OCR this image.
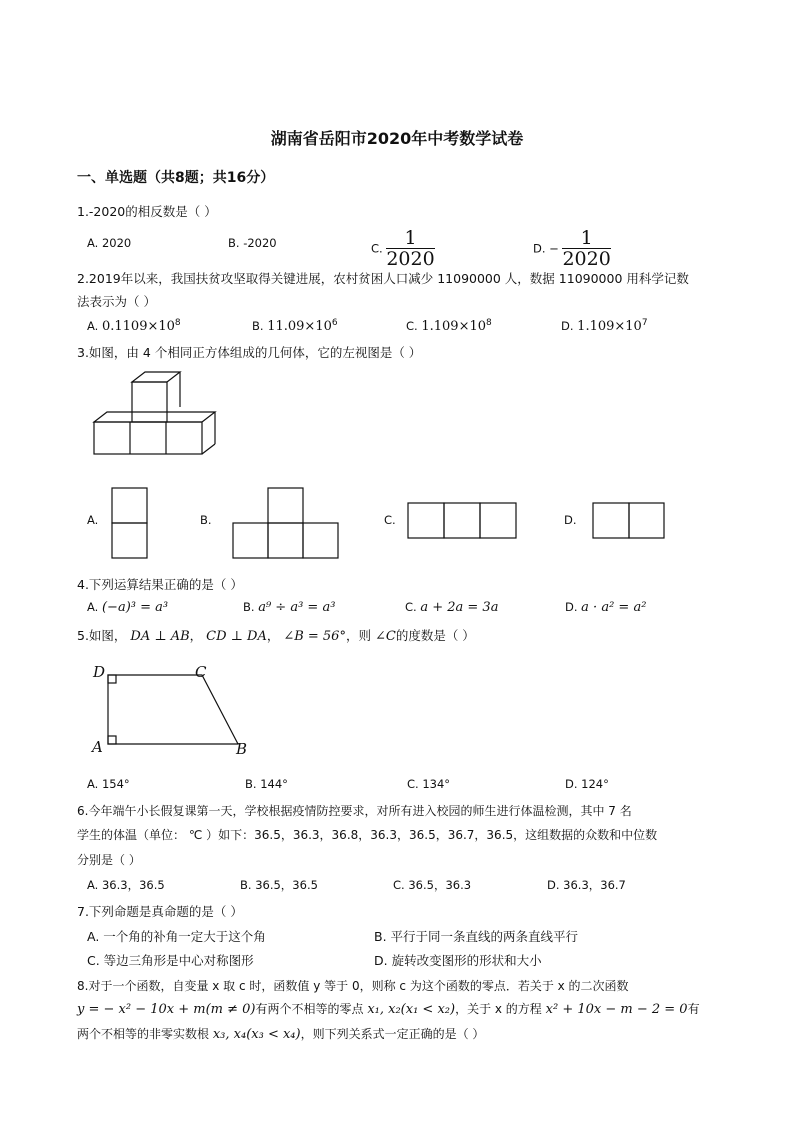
湖南省岳阳市2020年中考数学试卷
一、单选题（共8题；共16分）
1.-2020的相反数是（ ）
A. 2020	B. -2020	C. $\frac{1}{2020}$	D. − $\frac{1}{2020}$
2.2019年以来，我国扶贫攻坚取得关键进展，农村贫困人口减少 11090000 人，数据 11090000 用科学记数
法表示为（ ）
A. $0.1109\times 10^8$	B. $11.09\times 10^6$	C. $1.109\times 10^8$	D. $1.109\times 10^7$
3.如图，由 4 个相同正方体组成的几何体，它的左视图是（ ）
A.	B.	C.	D.
4.下列运算结果正确的是（ ）
A. (−a)³ = a³	B. a⁹ ÷ a³ = a³	C. a + 2a = 3a	D. a · a² = a²
5.如图， DA ⊥ AB， CD ⊥ DA， ∠B = 56°，则 ∠C的度数是（ ）
D	C
A	B
A. 154°	B. 144°	C. 134°	D. 124°
6.今年端午小长假复课第一天，学校根据疫情防控要求，对所有进入校园的师生进行体温检测，其中 7 名
学生的体温（单位： ℃ ）如下：36.5，36.3，36.8，36.3，36.5，36.7，36.5，这组数据的众数和中位数
分别是（ ）
A. 36.3，36.5	B. 36.5，36.5	C. 36.5，36.3	D. 36.3，36.7
7.下列命题是真命题的是（ ）
A. 一个角的补角一定大于这个角	B. 平行于同一条直线的两条直线平行
C. 等边三角形是中心对称图形	D. 旋转改变图形的形状和大小
8.对于一个函数，自变量 x 取 c 时，函数值 y 等于 0，则称 c 为这个函数的零点．若关于 x 的二次函数
y = − x² − 10x + m(m ≠ 0)有两个不相等的零点 x₁, x₂(x₁ < x₂)，关于 x 的方程 x² + 10x − m − 2 = 0有
两个不相等的非零实数根 x₃, x₄(x₃ < x₄)，则下列关系式一定正确的是（ ）
